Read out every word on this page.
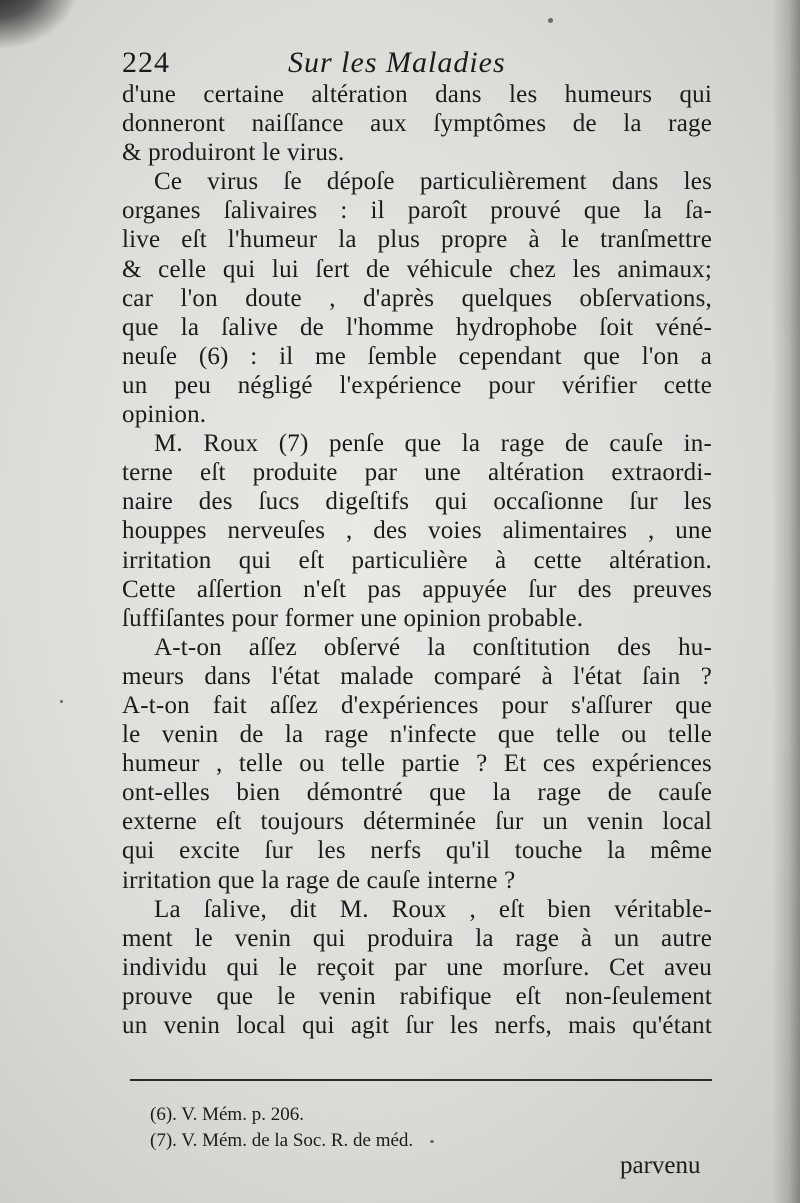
224	Sur les Maladies
d'une certaine altération dans les humeurs qui
donneront naiſſance aux ſymptômes de la rage
& produiront le virus.
Ce virus ſe dépoſe particulièrement dans les
organes ſalivaires : il paroît prouvé que la ſa-
live eſt l'humeur la plus propre à le tranſmettre
& celle qui lui ſert de véhicule chez les animaux;
car l'on doute , d'après quelques obſervations,
que la ſalive de l'homme hydrophobe ſoit véné-
neuſe (6) : il me ſemble cependant que l'on a
un peu négligé l'expérience pour vérifier cette
opinion.
M. Roux (7) penſe que la rage de cauſe in-
terne eſt produite par une altération extraordi-
naire des ſucs digeſtifs qui occaſionne ſur les
houppes nerveuſes , des voies alimentaires , une
irritation qui eſt particulière à cette altération.
Cette aſſertion n'eſt pas appuyée ſur des preuves
ſuffiſantes pour former une opinion probable.
A-t-on aſſez obſervé la conſtitution des hu-
meurs dans l'état malade comparé à l'état ſain ?
A-t-on fait aſſez d'expériences pour s'aſſurer que
le venin de la rage n'infecte que telle ou telle
humeur , telle ou telle partie ? Et ces expériences
ont-elles bien démontré que la rage de cauſe
externe eſt toujours déterminée ſur un venin local
qui excite ſur les nerfs qu'il touche la même
irritation que la rage de cauſe interne ?
La ſalive, dit M. Roux , eſt bien véritable-
ment le venin qui produira la rage à un autre
individu qui le reçoit par une morſure. Cet aveu
prouve que le venin rabifique eſt non-ſeulement
un venin local qui agit ſur les nerfs, mais qu'étant
(6). V. Mém. p. 206.
(7). V. Mém. de la Soc. R. de méd.
parvenu
